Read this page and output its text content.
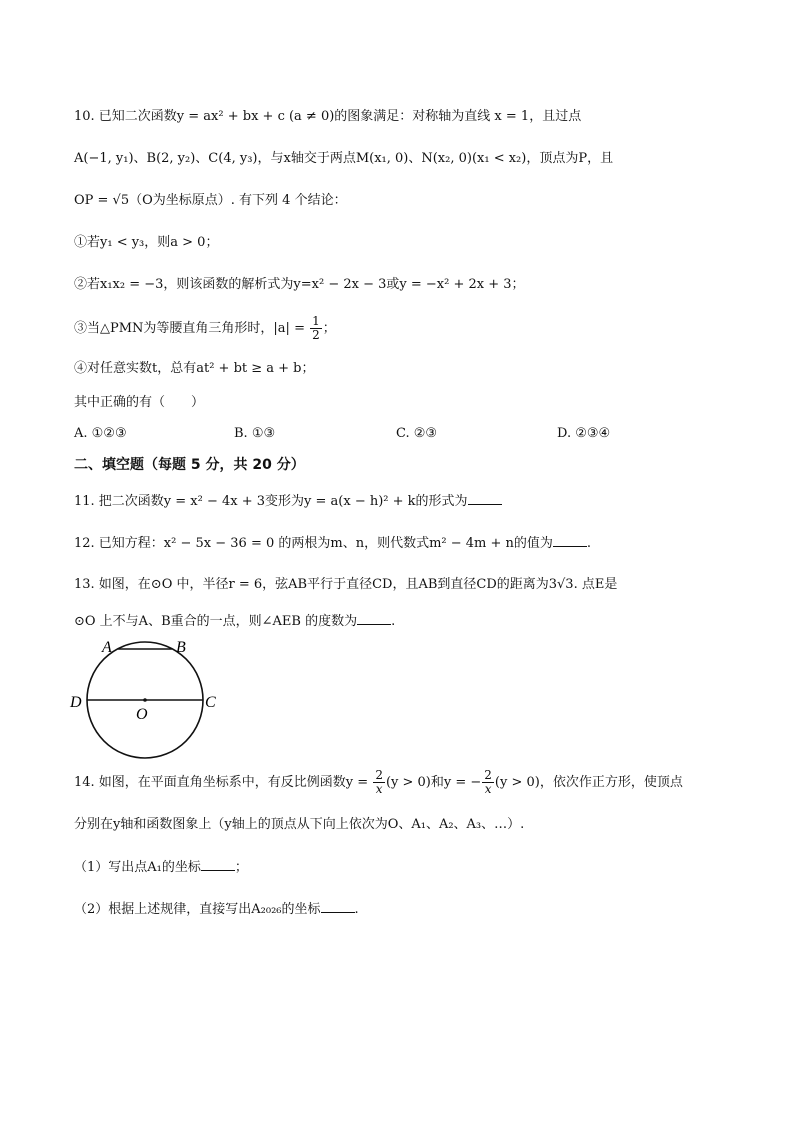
10. 已知二次函数y = ax² + bx + c (a ≠ 0)的图象满足：对称轴为直线 x = 1，且过点
A(−1, y₁)、B(2, y₂)、C(4, y₃)，与x轴交于两点M(x₁, 0)、N(x₂, 0)(x₁ < x₂)，顶点为P，且
OP = √5（O为坐标原点）. 有下列 4 个结论：
①若y₁ < y₃，则a > 0；
②若x₁x₂ = −3，则该函数的解析式为y=x² − 2x − 3或y = −x² + 2x + 3；
③当△PMN为等腰直角三角形时，$|a| = \frac{1}{2}$ ；
④对任意实数t，总有at² + bt ≥ a + b；
其中正确的有（　　）
A. ①②③	B. ①③	C. ②③	D. ②③④
二、填空题（每题 5 分，共 20 分）
11. 把二次函数y = x² − 4x + 3变形为y = a(x − h)² + k的形式为
12. 已知方程：x² − 5x − 36 = 0 的两根为m、n，则代数式m² − 4m + n的值为	.
13. 如图，在⊙O 中，半径r = 6，弦AB平行于直径CD，且AB到直径CD的距离为3√3. 点E是
⊙O 上不与A、B重合的一点，则∠AEB 的度数为	.
A	B
D	C
O
14. 如图，在平面直角坐标系中，有反比例函数$y = \frac{2}{x} (y > 0)$和y = − $\frac{2}{x} (y > 0)$，依次作正方形，使顶点
分别在y轴和函数图象上（y轴上的顶点从下向上依次为O、A₁、A₂、A₃、…）.
（1）写出点A₁的坐标	；
（2）根据上述规律，直接写出A₂₀₂₆的坐标	.
